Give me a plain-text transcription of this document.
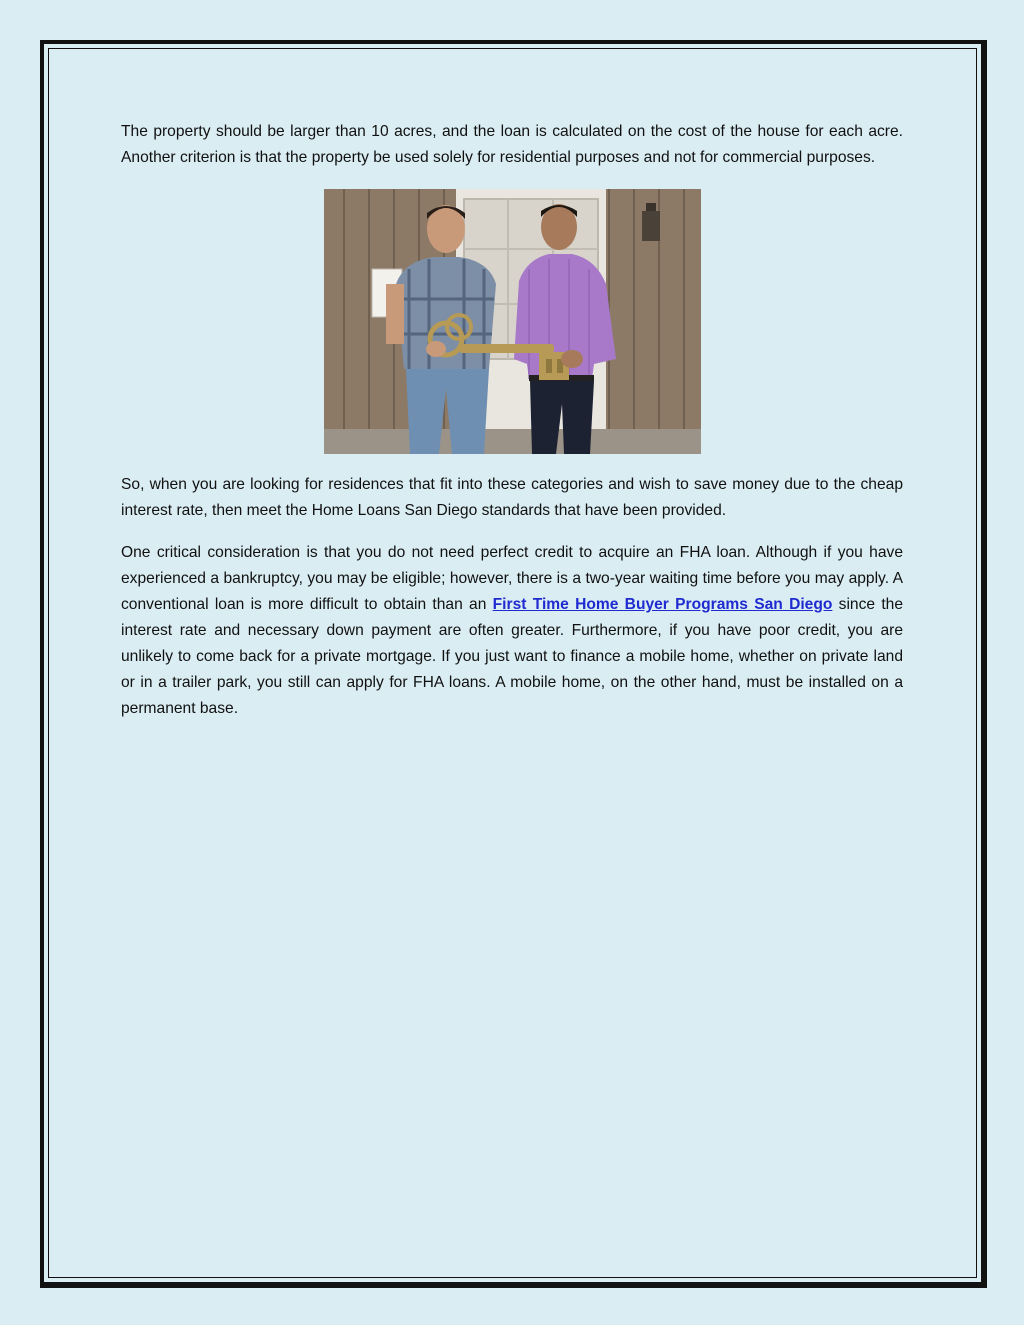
The property should be larger than 10 acres, and the loan is calculated on the cost of the house for each acre. Another criterion is that the property be used solely for residential purposes and not for commercial purposes.

So, when you are looking for residences that fit into these categories and wish to save money due to the cheap interest rate, then meet the Home Loans San Diego standards that have been provided.

One critical consideration is that you do not need perfect credit to acquire an FHA loan. Although if you have experienced a bankruptcy, you may be eligible; however, there is a two-year waiting time before you may apply. A conventional loan is more difficult to obtain than an First Time Home Buyer Programs San Diego since the interest rate and necessary down payment are often greater. Furthermore, if you have poor credit, you are unlikely to come back for a private mortgage. If you just want to finance a mobile home, whether on private land or in a trailer park, you still can apply for FHA loans. A mobile home, on the other hand, must be installed on a permanent base.
